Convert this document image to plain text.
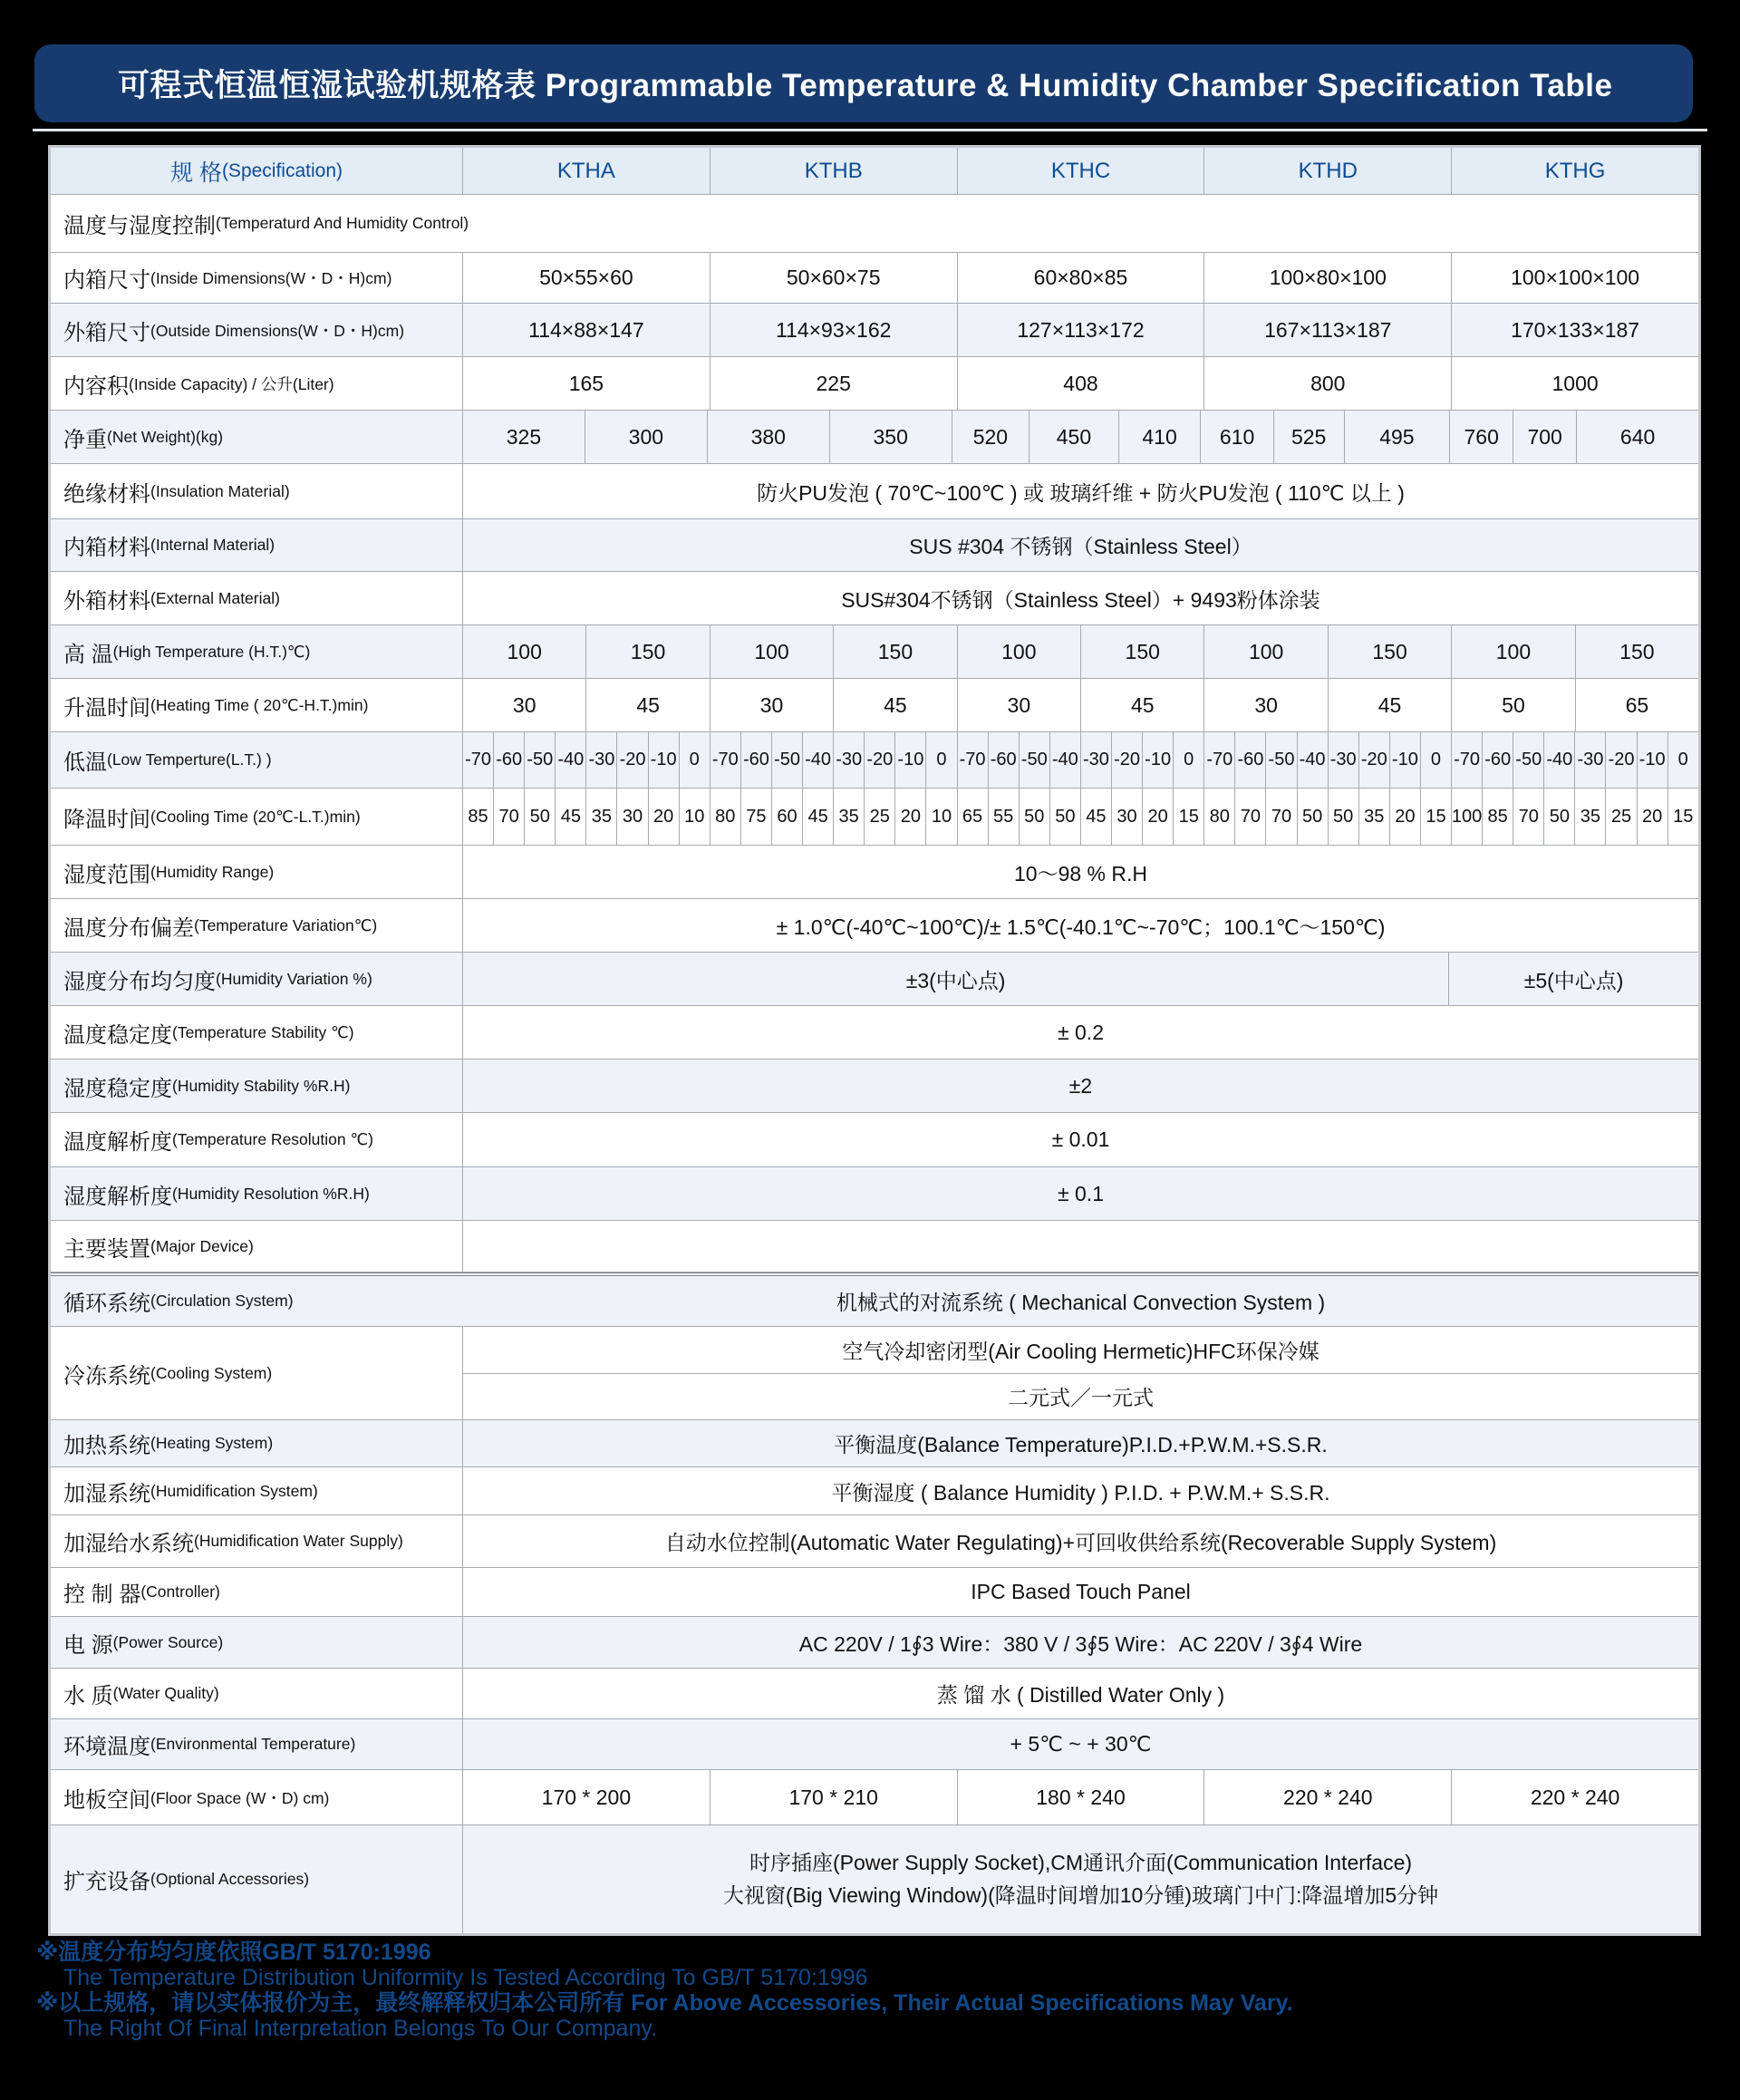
可程式恒温恒湿试验机规格表 Programmable Temperature & Humidity Chamber Specification Table
规 格 (Specification)	KTHA	KTHB	KTHC	KTHD	KTHG
温度与湿度控制 (Temperaturd And Humidity Control)
内箱尺寸 (Inside Dimensions(W・D・H)cm)	50×55×60	50×60×75	60×80×85	100×80×100	100×100×100
外箱尺寸 (Outside Dimensions(W・D・H)cm)	114×88×147	114×93×162	127×113×172	167×113×187	170×133×187
内容积 (Inside Capacity) / 公升(Liter)	165	225	408	800	1000
净重 (Net Weight)(kg)	325	300	380	350	520	450	410	610	525	495	760	700	640
绝缘材料 (Insulation Material)	防火PU发泡 ( 70℃~100℃ ) 或 玻璃纤维 + 防火PU发泡 ( 110℃ 以上 )
内箱材料 (Internal Material)	SUS #304 不锈钢（Stainless Steel）
外箱材料 (External Material)	SUS#304不锈钢（Stainless Steel）+ 9493粉体涂装
高 温 (High Temperature (H.T.)℃)	100	150	100	150	100	150	100	150	100	150
升温时间 (Heating Time ( 20℃-H.T.)min)	30	45	30	45	30	45	30	45	50	65
低温 (Low Temperture(L.T.) )	-70 -60 -50 -40 -30 -20 -10 0 -70 -60 -50 -40 -30 -20 -10 0 -70 -60 -50 -40 -30 -20 -10 0 -70 -60 -50 -40 -30 -20 -10 0 -70 -60 -50 -40 -30 -20 -10 0
降温时间 (Cooling Time (20℃-L.T.)min)	85 70 50 45 35 30 20 10 80 75 60 45 35 25 20 10 65 55 50 50 45 30 20 15 80 70 70 50 50 35 20 15 100 85 70 50 35 25 20 15
湿度范围 (Humidity Range)	10～98 % R.H
温度分布偏差 (Temperature Variation℃)	± 1.0℃(-40℃~100℃)/± 1.5℃(-40.1℃~-70℃；100.1℃～150℃)
湿度分布均匀度 (Humidity Variation %)	±3(中心点)	±5(中心点)
温度稳定度 (Temperature Stability ℃)	± 0.2
湿度稳定度 (Humidity Stability %R.H)	±2
温度解析度 (Temperature Resolution ℃)	± 0.01
湿度解析度 (Humidity Resolution %R.H)	± 0.1
主要装置 (Major Device)
循环系统 (Circulation System)	机械式的对流系统 ( Mechanical Convection System )
冷冻系统 (Cooling System)
空气冷却密闭型(Air Cooling Hermetic)HFC环保冷媒
二元式／一元式
加热系统 (Heating System)	平衡温度(Balance Temperature)P.I.D.+P.W.M.+S.S.R.
加湿系统 (Humidification System)	平衡湿度 ( Balance Humidity ) P.I.D. + P.W.M.+ S.S.R.
加湿给水系统 (Humidification Water Supply)	自动水位控制(Automatic Water Regulating)+可回收供给系统(Recoverable Supply System)
控 制 器 (Controller)	IPC Based Touch Panel
电 源 (Power Source)	AC 220V / 1∮3 Wire：380 V / 3∮5 Wire：AC 220V / 3∮4 Wire
水 质 (Water Quality)	蒸 馏 水 ( Distilled Water Only )
环境温度 (Environmental Temperature)	+ 5℃ ~ + 30℃
地板空间 (Floor Space (W・D) cm)	170 * 200	170 * 210	180 * 240	220 * 240	220 * 240
扩充设备 (Optional Accessories)
时序插座(Power Supply Socket),CM通讯介面(Communication Interface)
大视窗(Big Viewing Window)(降温时间增加10分锺)玻璃门中门:降温增加5分钟
※温度分布均匀度依照GB/T 5170:1996
The Temperature Distribution Uniformity Is Tested According To GB/T 5170:1996
※以上规格，请以实体报价为主，最终解释权归本公司所有 For Above Accessories, Their Actual Specifications May Vary.
The Right Of Final Interpretation Belongs To Our Company.
